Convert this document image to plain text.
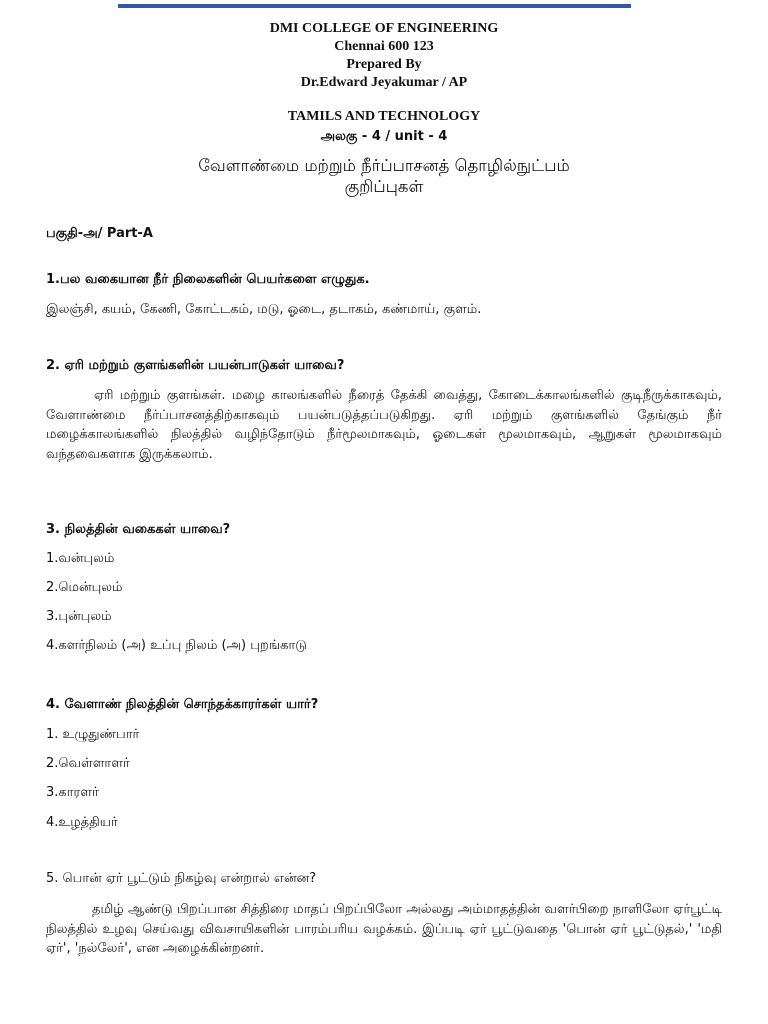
DMI COLLEGE OF ENGINEERING

Chennai 600 123

Prepared By

Dr.Edward Jeyakumar / AP

TAMILS AND TECHNOLOGY

அலகு - 4 / unit - 4

வேளாண்மை மற்றும் நீர்ப்பாசனத் தொழில்நுட்பம்

குறிப்புகள்

பகுதி-அ/ Part-A

1.பல வகையான நீர் நிலைகளின் பெயர்களை எழுதுக.

இலஞ்சி, கயம், கேணி, கோட்டகம், மடு, ஓடை, தடாகம், கண்மாய், குளம்.

2. ஏரி மற்றும் குளங்களின் பயன்பாடுகள் யாவை?

ஏரி மற்றும் குளங்கள். மழை காலங்களில் நீரைத் தேக்கி வைத்து, கோடைக்காலங்களில் குடிநீருக்காகவும், வேளாண்மை நீர்ப்பாசனத்திற்காகவும் பயன்படுத்தப்படுகிறது. ஏரி மற்றும் குளங்களில் தேங்கும் நீர் மழைக்காலங்களில் நிலத்தில் வழிந்தோடும் நீர்மூலமாகவும், ஓடைகள் மூலமாகவும், ஆறுகள் மூலமாகவும் வந்தவைகளாக இருக்கலாம்.

3. நிலத்தின் வகைகள் யாவை?

1.வன்புலம்

2.மென்புலம்

3.புன்புலம்

4.களர்நிலம் (அ) உப்பு நிலம் (அ) புறங்காடு

4. வேளாண் நிலத்தின் சொந்தக்காரர்கள் யார்?

1. உழுதுண்பார்

2.வெள்ளாளர்

3.காரளர்

4.உழத்தியர்

5. பொன் ஏர் பூட்டும் நிகழ்வு என்றால் என்ன?

தமிழ் ஆண்டு பிறப்பான சித்திரை மாதப் பிறப்பிலோ அல்லது அம்மாதத்தின் வளர்பிறை நாளிலோ ஏர்பூட்டி நிலத்தில் உழவு செய்வது விவசாயிகளின் பாரம்பரிய வழக்கம். இப்படி ஏர் பூட்டுவதை 'பொன் ஏர் பூட்டுதல்,' 'மதி ஏர்', 'நல்லேர்', என அழைக்கின்றனர்.
